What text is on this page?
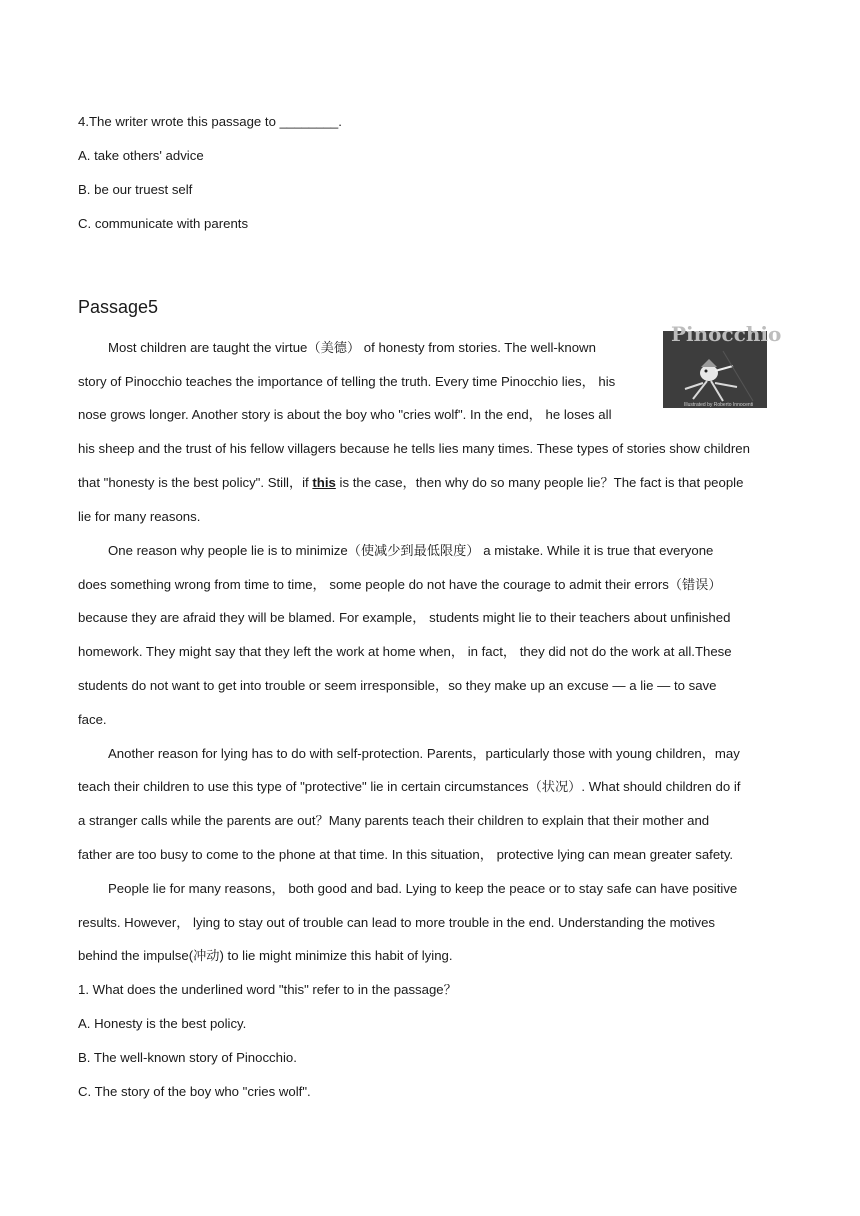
4.The writer wrote this passage to ________.
A. take others' advice
B. be our truest self
C. communicate with parents
Passage5
Pinocchio
Illustrated by Roberto Innocenti
Most children are taught the virtue（美德） of honesty from stories. The well-known
story of Pinocchio teaches the importance of telling the truth. Every time Pinocchio lies， his
nose grows longer. Another story is about the boy who "cries wolf". In the end， he loses all
his sheep and the trust of his fellow villagers because he tells lies many times. These types of stories show children
that "honesty is the best policy". Still，if this is the case，then why do so many people lie？The fact is that people
lie for many reasons.
One reason why people lie is to minimize（使减少到最低限度） a mistake. While it is true that everyone
does something wrong from time to time， some people do not have the courage to admit their errors（错误）
because they are afraid they will be blamed. For example， students might lie to their teachers about unfinished
homework. They might say that they left the work at home when， in fact， they did not do the work at all.These
students do not want to get into trouble or seem irresponsible，so they make up an excuse — a lie — to save
face.
Another reason for lying has to do with self-protection. Parents，particularly those with young children，may
teach their children to use this type of "protective" lie in certain circumstances（状况）. What should children do if
a stranger calls while the parents are out？Many parents teach their children to explain that their mother and
father are too busy to come to the phone at that time. In this situation， protective lying can mean greater safety.
People lie for many reasons， both good and bad. Lying to keep the peace or to stay safe can have positive
results. However， lying to stay out of trouble can lead to more trouble in the end. Understanding the motives
behind the impulse(冲动) to lie might minimize this habit of lying.
1. What does the underlined word "this" refer to in the passage？
A. Honesty is the best policy.
B. The well-known story of Pinocchio.
C. The story of the boy who "cries wolf".
